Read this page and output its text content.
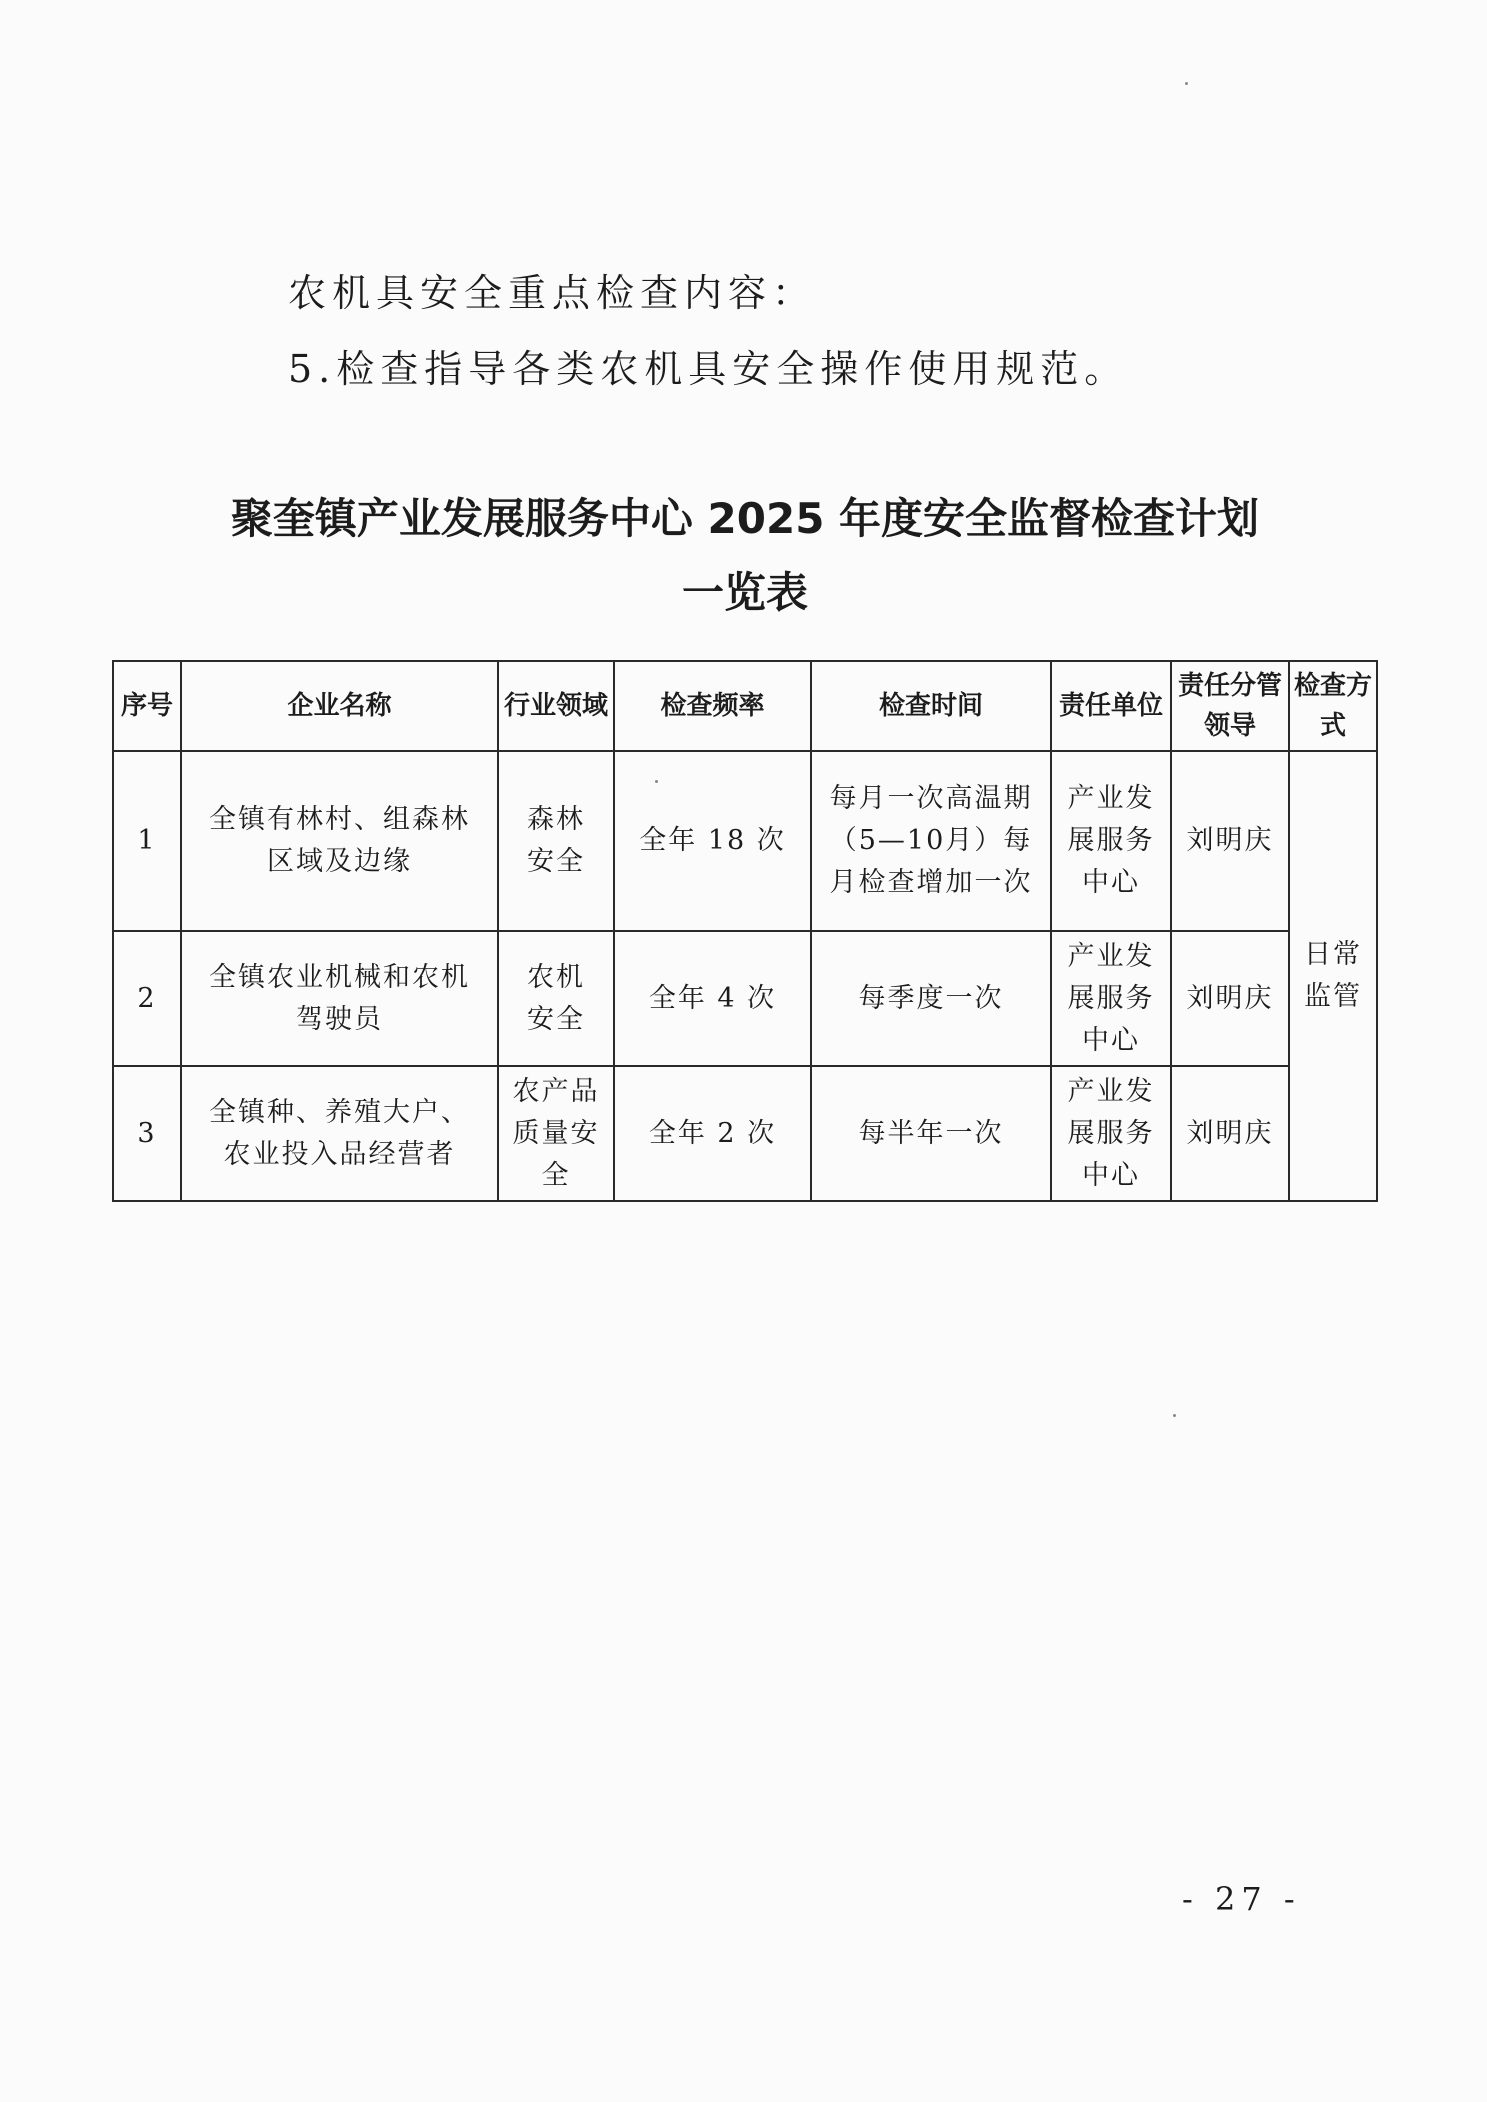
农机具安全重点检查内容：
5.检查指导各类农机具安全操作使用规范。
聚奎镇产业发展服务中心 2025 年度安全监督检查计划
一览表
序号	企业名称	行业领域	检查频率	检查时间	责任单位	责任分管领导	检查方式
1	全镇有林村、组森林区域及边缘	森林安全	全年 18 次	每月一次高温期（5—10月）每月检查增加一次	产业发展服务中心	刘明庆	日常监管
2	全镇农业机械和农机驾驶员	农机安全	全年 4 次	每季度一次	产业发展服务中心	刘明庆	
3	全镇种、养殖大户、农业投入品经营者	农产品质量安全	全年 2 次	每半年一次	产业发展服务中心	刘明庆	
- 27 -
